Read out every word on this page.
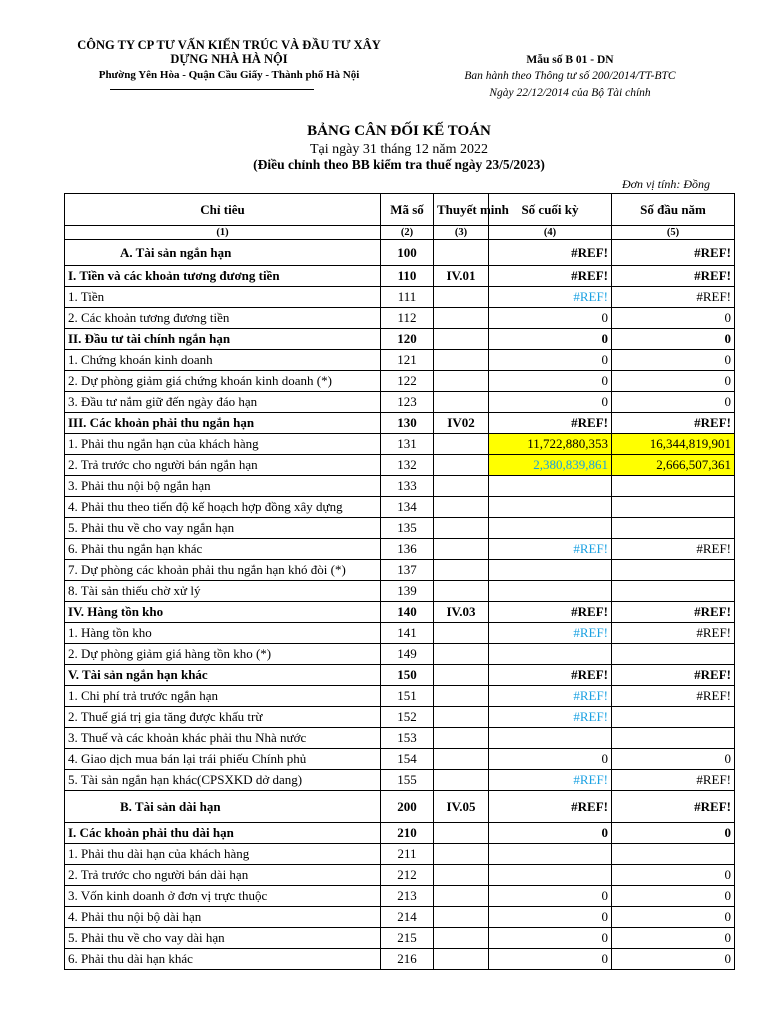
CÔNG TY CP TƯ VẤN KIẾN TRÚC VÀ ĐẦU TƯ XÂY DỰNG NHÀ HÀ NỘI
Phường Yên Hòa - Quận Cầu Giấy - Thành phố Hà Nội
Mẫu số B 01 - DN
Ban hành theo Thông tư số 200/2014/TT-BTC
Ngày 22/12/2014 của Bộ Tài chính
BẢNG CÂN ĐỐI KẾ TOÁN
Tại ngày 31 tháng 12 năm 2022
(Điều chỉnh theo BB kiểm tra thuế ngày 23/5/2023)
Đơn vị tính: Đồng
Chỉ tiêu	Mã số	Thuyết minh	Số cuối kỳ	Số đầu năm
(1)	(2)	(3)	(4)	(5)
A. Tài sản ngắn hạn	100		#REF!	#REF!
I. Tiền và các khoản tương đương tiền	110	IV.01	#REF!	#REF!
1. Tiền	111		#REF!	#REF!
2. Các khoản tương đương tiền	112		0	0
II. Đầu tư tài chính ngắn hạn	120		0	0
1. Chứng khoán kinh doanh	121		0	0
2. Dự phòng giảm giá chứng khoán kinh doanh (*)	122		0	0
3. Đầu tư nắm giữ đến ngày đáo hạn	123		0	0
III. Các khoản phải thu ngắn hạn	130	IV02	#REF!	#REF!
1. Phải thu ngắn hạn của khách hàng	131		11,722,880,353	16,344,819,901
2. Trả trước cho người bán ngắn hạn	132		2,380,839,861	2,666,507,361
3. Phải thu nội bộ ngắn hạn	133			
4. Phải thu theo tiến độ kế hoạch hợp đồng xây dựng	134			
5. Phải thu về cho vay ngắn hạn	135			
6. Phải thu ngắn hạn khác	136		#REF!	#REF!
7. Dự phòng các khoản phải thu ngắn hạn khó đòi (*)	137			
8. Tài sản thiếu chờ xử lý	139			
IV. Hàng tồn kho	140	IV.03	#REF!	#REF!
1. Hàng tồn kho	141		#REF!	#REF!
2. Dự phòng giảm giá hàng tồn kho (*)	149			
V. Tài sản ngắn hạn khác	150		#REF!	#REF!
1. Chi phí trả trước ngắn hạn	151		#REF!	#REF!
2. Thuế giá trị gia tăng được khấu trừ	152		#REF!	
3. Thuế và các khoản khác phải thu Nhà nước	153			
4. Giao dịch mua bán lại trái phiếu Chính phủ	154		0	0
5. Tài sản ngắn hạn khác(CPSXKD dở dang)	155		#REF!	#REF!
B. Tài sản dài hạn	200	IV.05	#REF!	#REF!
I. Các khoản phải thu dài hạn	210		0	0
1. Phải thu dài hạn của khách hàng	211			
2. Trả trước cho người bán dài hạn	212			0
3. Vốn kinh doanh ở đơn vị trực thuộc	213		0	0
4. Phải thu nội bộ dài hạn	214		0	0
5. Phải thu về cho vay dài hạn	215		0	0
6. Phải thu dài hạn khác	216		0	0
